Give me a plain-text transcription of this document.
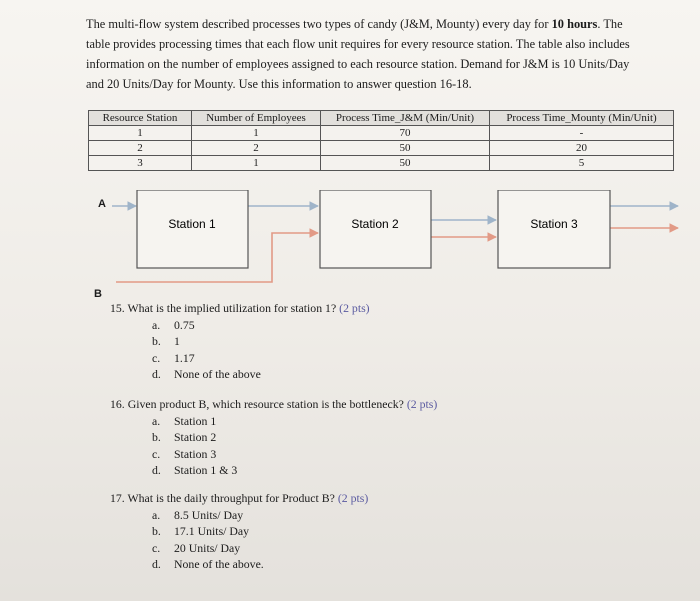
The multi-flow system described processes two types of candy (J&M, Mounty) every day for 10 hours. The table provides processing times that each flow unit requires for every resource station. The table also includes information on the number of employees assigned to each resource station. Demand for J&M is 10 Units/Day and 20 Units/Day for Mounty. Use this information to answer question 16-18.

Resource Station	Number of Employees	Process Time_J&M (Min/Unit)	Process Time_Mounty (Min/Unit)
1	1	70	-
2	2	50	20
3	1	50	5
Station 1	Station 2	Station 3
A
B
15. What is the implied utilization for station 1? (2 pts)
a.	0.75
b.	1
c.	1.17
d.	None of the above
16. Given product B, which resource station is the bottleneck? (2 pts)
a.	Station 1
b.	Station 2
c.	Station 3
d.	Station 1 & 3
17. What is the daily throughput for Product B? (2 pts)
a.	8.5 Units/ Day
b.	17.1 Units/ Day
c.	20 Units/ Day
d.	None of the above.
